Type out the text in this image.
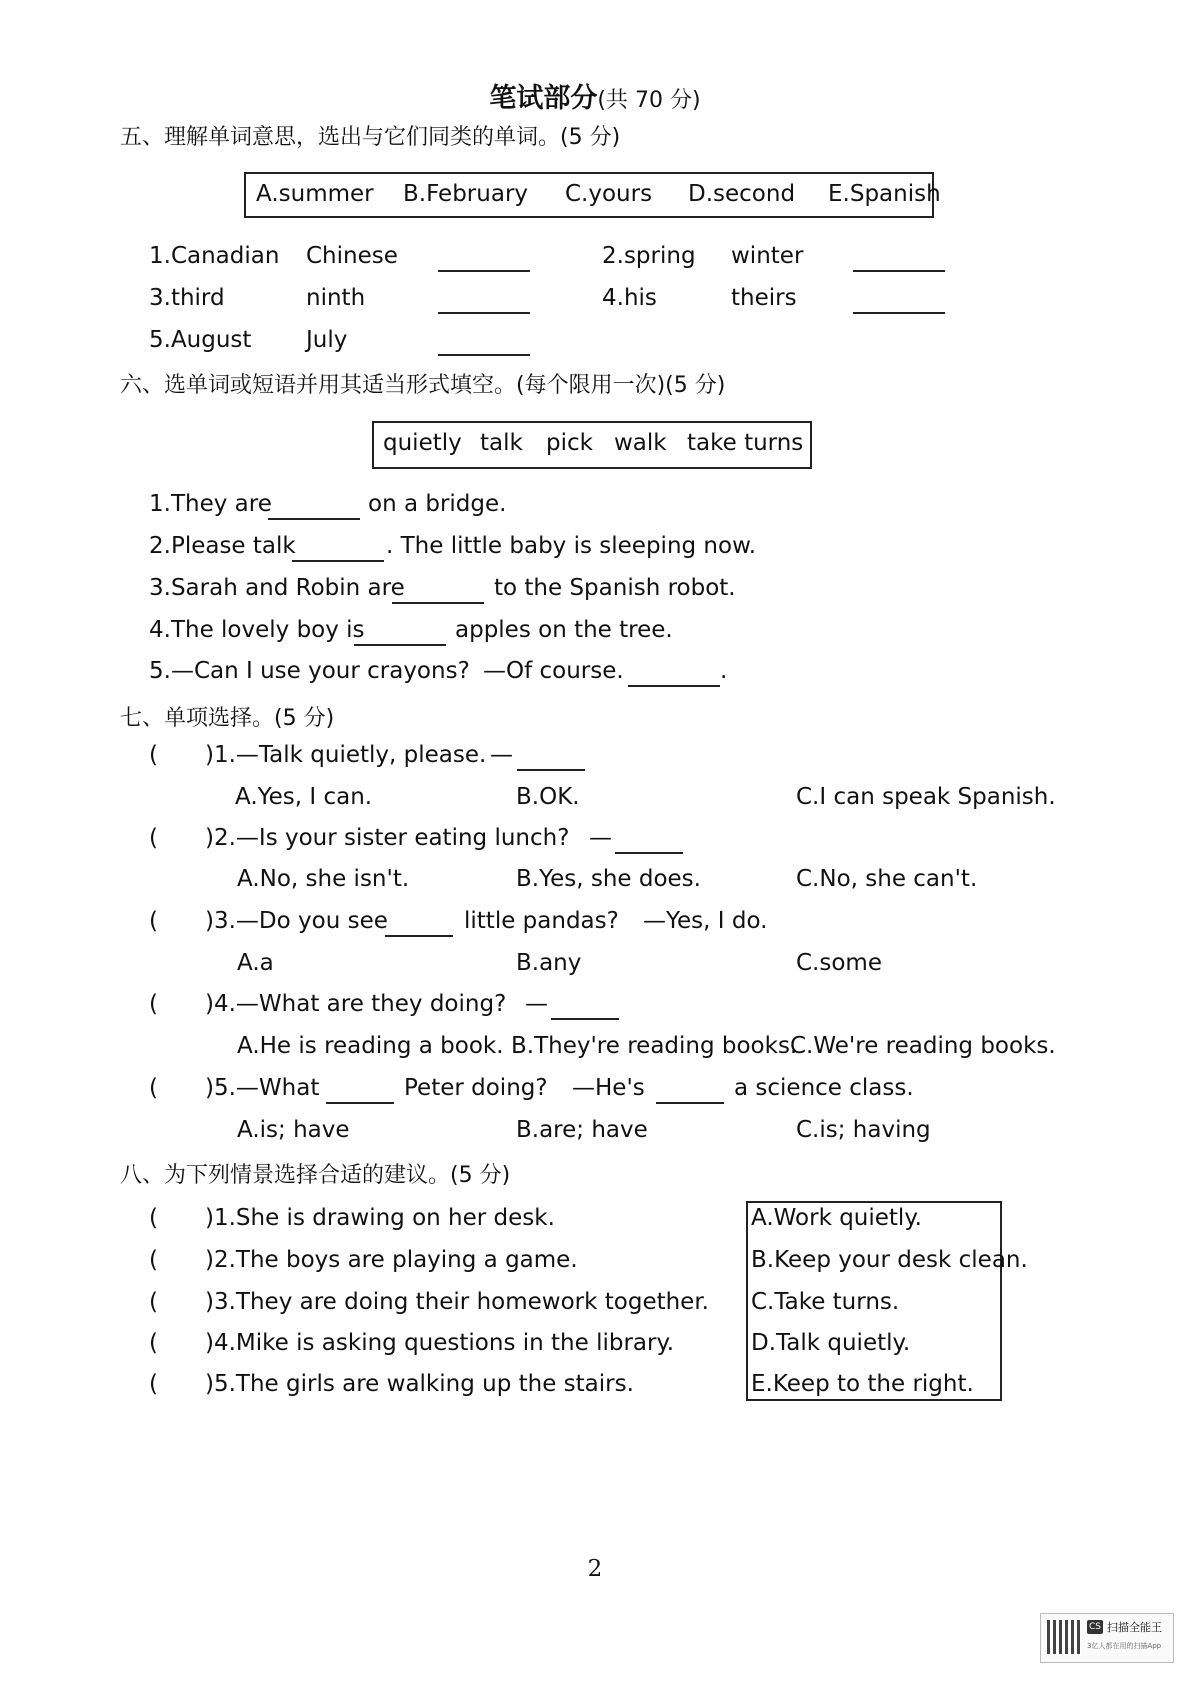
笔试部分(共 70 分)
五、理解单词意思，选出与它们同类的单词。(5 分)
A.summer B.February C.yours D.second E.Spanish
1.Canadian Chinese	2.spring winter
3.third	ninth	4.his	theirs
5.August July
六、选单词或短语并用其适当形式填空。(每个限用一次)(5 分)
quietly talk pick walk take turns
1.They are	on a bridge.
2.Please talk	. The little baby is sleeping now.
3.Sarah and Robin are	to the Spanish robot.
4.The lovely boy is	apples on the tree.
5.—Can I use your crayons? —Of course.	.
七、单项选择。(5 分)
( )1.—Talk quietly, please. —
A.Yes, I can.	B.OK.	C.I can speak Spanish.
( )2.—Is your sister eating lunch? —
A.No, she isn't.	B.Yes, she does.	C.No, she can't.
( )3.—Do you see	little pandas? —Yes, I do.
A.a	B.any	C.some
( )4.—What are they doing? —
A.He is reading a book. B.They're reading books.
C.We're reading books.
( )5.—What	Peter doing? —He's	a science class.
A.is; have	B.are; have	C.is; having
八、为下列情景选择合适的建议。(5 分)
( )1.She is drawing on her desk.
( )2.The boys are playing a game.
( )3.They are doing their homework together.
( )4.Mike is asking questions in the library.
( )5.The girls are walking up the stairs.
A.Work quietly.
B.Keep your desk clean.
C.Take turns.
D.Talk quietly.
E.Keep to the right.
2
CS 扫描全能王
3亿人都在用的扫描App
